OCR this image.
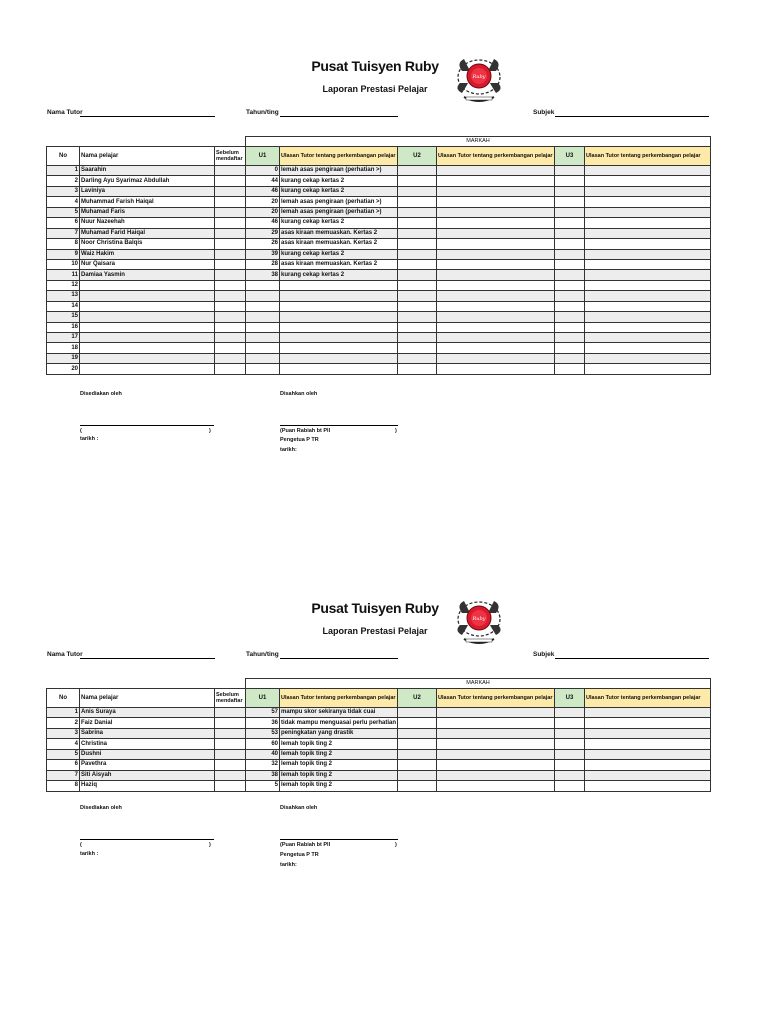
Pusat Tuisyen Ruby
Laporan Prestasi Pelajar
Ruby
Nama Tutor	Tahun/ting	Subjek
			MARKAH					
No	Nama pelajar	Sebelum mendaftar	U1	Ulasan Tutor tentang perkembangan pelajar	U2	Ulasan Tutor tentang perkembangan pelajar	U3	Ulasan Tutor tentang perkembangan pelajar
1	Saarahin		0	lemah asas pengiraan (perhatian >)				
2	Darling Ayu Syarimaz Abdullah		44	kurang cekap kertas 2				
3	Laviniya		46	kurang cekap kertas 2				
4	Muhammad Farish Haiqal		20	lemah asas pengiraan (perhatian >)				
5	Muhamad Faris		20	lemah asas pengiraan (perhatian >)				
6	Nuur Nazeehah		46	kurang cekap kertas 2				
7	Muhamad Farid Haiqal		29	asas kiraan memuaskan. Kertas 2				
8	Noor Christina Balqis		26	asas kiraan memuaskan. Kertas 2				
9	Waiz Hakim		39	kurang cekap kertas 2				
10	Nur Qaisara		28	asas kiraan memuaskan. Kertas 2				
11	Damiaa Yasmin		38	kurang cekap kertas 2				
12								
13								
14								
15								
16								
17								
18								
19								
20								
Disediakan oleh	Disahkan oleh
(	)
tarikh :
(Puan Rabiah bt Pll	)
Pengetua P TR
tarikh:
Pusat Tuisyen Ruby
Laporan Prestasi Pelajar
Ruby
Nama Tutor	Tahun/ting	Subjek
			MARKAH					
No	Nama pelajar	Sebelum mendaftar	U1	Ulasan Tutor tentang perkembangan pelajar	U2	Ulasan Tutor tentang perkembangan pelajar	U3	Ulasan Tutor tentang perkembangan pelajar
1	Anis Suraya		57	mampu skor sekiranya tidak cuai				
2	Faiz Danial		36	tidak mampu menguasai perlu perhatian				
3	Sabrina		53	peningkatan yang drastik				
4	Christina		60	lemah topik ting 2				
5	Dushni		40	lemah topik ting 2				
6	Pavethra		32	lemah topik ting 2				
7	Siti Aisyah		38	lemah topik ting 2				
8	Haziq		5	lemah topik ting 2				
Disediakan oleh	Disahkan oleh
(	)
tarikh :
(Puan Rabiah bt Pll	)
Pengetua P TR
tarikh:
